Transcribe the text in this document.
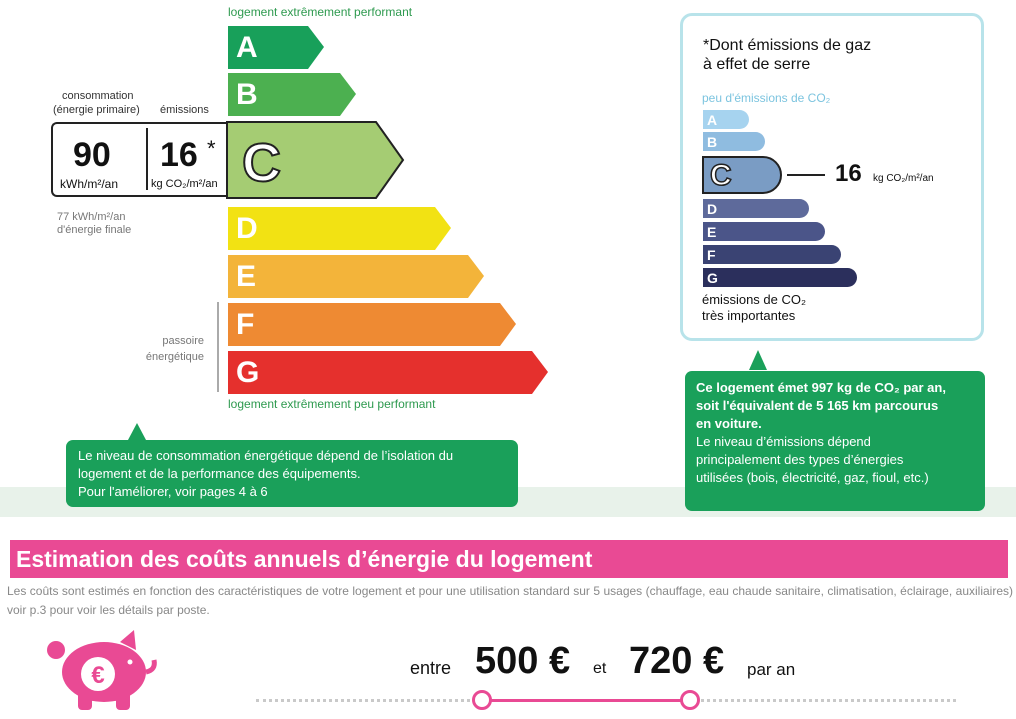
logement extrêmement performant
consommation
(énergie primaire) émissions
90
kWh/m²/an
16 *
kg CO₂/m²/an
77 kWh/m²/an
d'énergie finale
passoire
énergétique
A
B
C
D
E
F
G
logement extrêmement peu performant
Le niveau de consommation énergétique dépend de l’isolation du
logement et de la performance des équipements.
Pour l'améliorer, voir pages 4 à 6
*Dont émissions de gaz
à effet de serre
peu d'émissions de CO₂
A
B
C	16 kg CO₂/m²/an
D
E
F
G
émissions de CO₂
très importantes
Ce logement émet 997 kg de CO₂ par an,
soit l'équivalent de 5 165 km parcourus
en voiture.
Le niveau d’émissions dépend
principalement des types d’énergies
utilisées (bois, électricité, gaz, fioul, etc.)
Estimation des coûts annuels d’énergie du logement
Les coûts sont estimés en fonction des caractéristiques de votre logement et pour une utilisation standard sur 5 usages (chauffage, eau chaude sanitaire, climatisation, éclairage, auxiliaires) voir p.3 pour voir les détails par poste.
€	entre 500 € et 720 € par an
